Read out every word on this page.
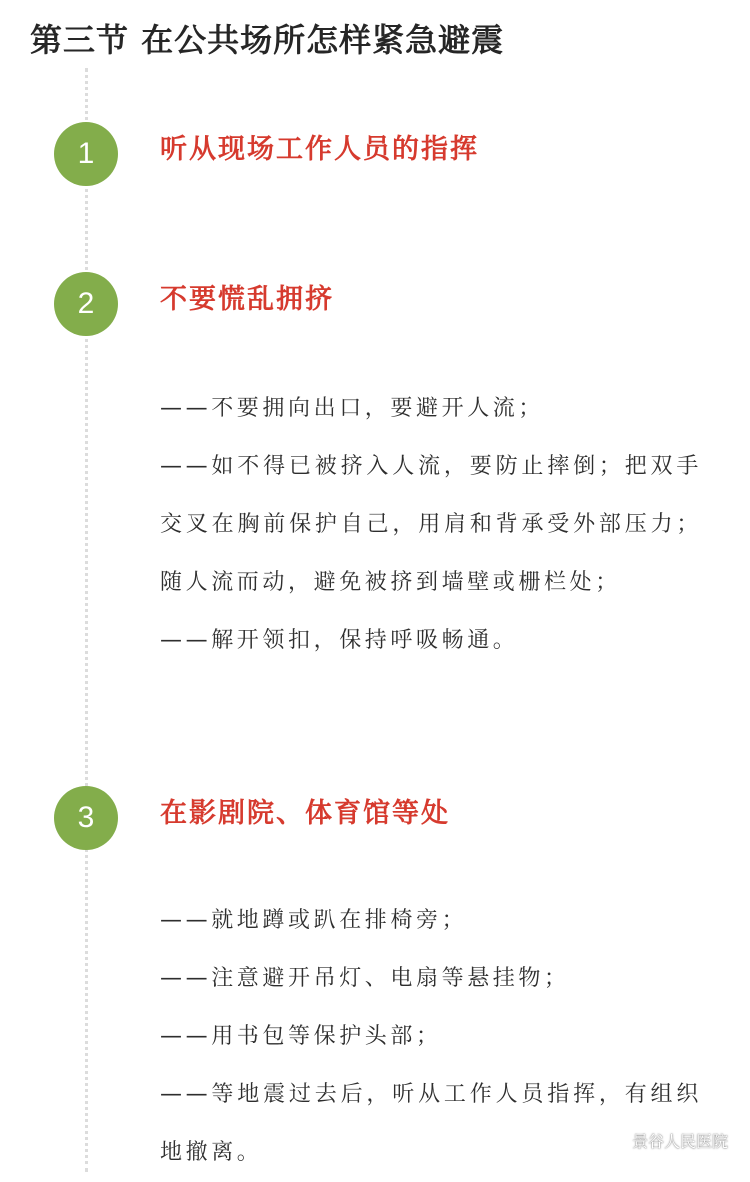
第三节 在公共场所怎样紧急避震
1	听从现场工作人员的指挥
2	不要慌乱拥挤

——不要拥向出口，要避开人流；

——如不得已被挤入人流，要防止摔倒；把双手交叉在胸前保护自己，用肩和背承受外部压力；随人流而动，避免被挤到墙壁或栅栏处；

——解开领扣，保持呼吸畅通。

3	在影剧院、体育馆等处

——就地蹲或趴在排椅旁；

——注意避开吊灯、电扇等悬挂物；

——用书包等保护头部；

——等地震过去后，听从工作人员指挥，有组织地撤离。	景谷人民医院
